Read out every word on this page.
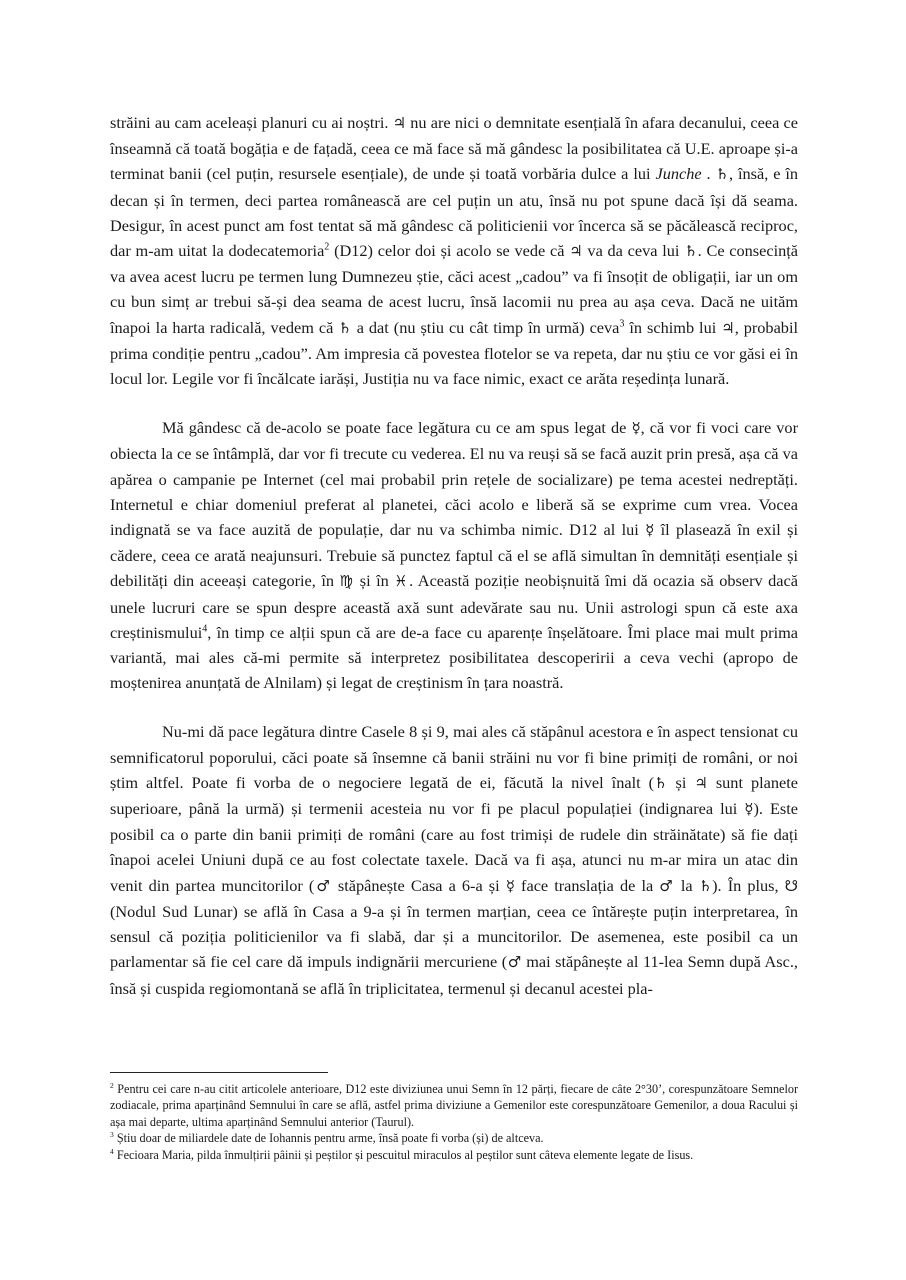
străini au cam aceleași planuri cu ai noștri. ♃ nu are nici o demnitate esențială în afara decanului, ceea ce înseamnă că toată bogăția e de fațadă, ceea ce mă face să mă gândesc la posibilitatea că U.E. aproape și-a terminat banii (cel puțin, resursele esențiale), de unde și toată vorbăria dulce a lui Junche . ♄, însă, e în decan și în termen, deci partea românească are cel puțin un atu, însă nu pot spune dacă își dă seama. Desigur, în acest punct am fost tentat să mă gândesc că politicienii vor încerca să se păcălească reciproc, dar m-am uitat la dodecatemoria$^2$ (D12) celor doi și acolo se vede că ♃ va da ceva lui ♄. Ce consecință va avea acest lucru pe termen lung Dumnezeu știe, căci acest „cadou” va fi însoțit de obligații, iar un om cu bun simț ar trebui să-și dea seama de acest lucru, însă lacomii nu prea au așa ceva. Dacă ne uităm înapoi la harta radicală, vedem că ♄ a dat (nu știu cu cât timp în urmă) ceva$^3$ în schimb lui ♃, probabil prima condiție pentru „cadou”. Am impresia că povestea flotelor se va repeta, dar nu știu ce vor găsi ei în locul lor. Legile vor fi încălcate iarăși, Justiția nu va face nimic, exact ce arăta reședința lunară.

Mă gândesc că de-acolo se poate face legătura cu ce am spus legat de ☿, că vor fi voci care vor obiecta la ce se întâmplă, dar vor fi trecute cu vederea. El nu va reuși să se facă auzit prin presă, așa că va apărea o campanie pe Internet (cel mai probabil prin rețele de socializare) pe tema acestei nedreptăți. Internetul e chiar domeniul preferat al planetei, căci acolo e liberă să se exprime cum vrea. Vocea indignată se va face auzită de populație, dar nu va schimba nimic. D12 al lui ☿ îl plasează în exil și cădere, ceea ce arată neajunsuri. Trebuie să punctez faptul că el se află simultan în demnități esențiale și debilități din aceeași categorie, în ♍ și în ♓. Această poziție neobișnuită îmi dă ocazia să observ dacă unele lucruri care se spun despre această axă sunt adevărate sau nu. Unii astrologi spun că este axa creștinismului$^4$, în timp ce alții spun că are de-a face cu aparențe înșelătoare. Îmi place mai mult prima variantă, mai ales că-mi permite să interpretez posibilitatea descoperirii a ceva vechi (apropo de moștenirea anunțată de Alnilam) și legat de creștinism în țara noastră.

Nu-mi dă pace legătura dintre Casele 8 și 9, mai ales că stăpânul acestora e în aspect tensionat cu semnificatorul poporului, căci poate să însemne că banii străini nu vor fi bine primiți de români, or noi știm altfel. Poate fi vorba de o negociere legată de ei, făcută la nivel înalt (♄ și ♃ sunt planete superioare, până la urmă) și termenii acesteia nu vor fi pe placul populației (indignarea lui ☿). Este posibil ca o parte din banii primiți de români (care au fost trimiși de rudele din străinătate) să fie dați înapoi acelei Uniuni după ce au fost colectate taxele. Dacă va fi așa, atunci nu m-ar mira un atac din venit din partea muncitorilor (♂ stăpânește Casa a 6-a și ☿ face translația de la ♂ la ♄). În plus, ☋ (Nodul Sud Lunar) se află în Casa a 9-a și în termen marțian, ceea ce întărește puțin interpretarea, în sensul că poziția politicienilor va fi slabă, dar și a muncitorilor. De asemenea, este posibil ca un parlamentar să fie cel care dă impuls indignării mercuriene (♂ mai stăpânește al 11-lea Semn după Asc., însă și cuspida regiomontană se află în triplicitatea, termenul și decanul acestei pla-

$^2$ Pentru cei care n-au citit articolele anterioare, D12 este diviziunea unui Semn în 12 părți, fiecare de câte 2°30’, corespunzătoare Semnelor zodiacale, prima aparținând Semnului în care se află, astfel prima diviziune a Gemenilor este corespunzătoare Gemenilor, a doua Racului și așa mai departe, ultima aparținând Semnului anterior (Taurul).

$^3$ Știu doar de miliardele date de Iohannis pentru arme, însă poate fi vorba (și) de altceva.

$^4$ Fecioara Maria, pilda înmulțirii pâinii și peștilor și pescuitul miraculos al peștilor sunt câteva elemente legate de Iisus.
